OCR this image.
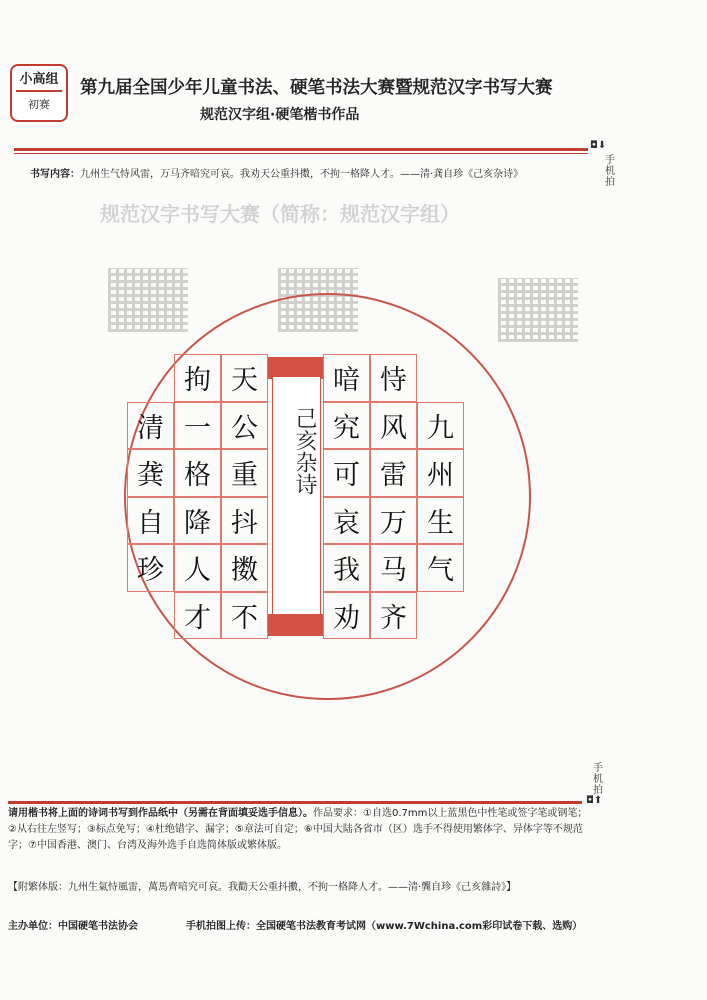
规范汉字书写大赛（简称：规范汉字组）
小高组
初赛
第九届全国少年儿童书法、硬笔书法大赛暨规范汉字书写大赛
规范汉字组·硬笔楷书作品
◘⬇
手机拍
书写内容：九州生气恃风雷，万马齐喑究可哀。我劝天公重抖擞，不拘一格降人才。——清·龚自珍《己亥杂诗》
九
州
生
气
恃
风
雷
万
马
齐
喑
究
可
哀
我
劝
天
公
重
抖
擞
不
拘
一
格
降
人
才
清
龚
自
珍
己亥杂诗
手机拍
◘⬆
请用楷书将上面的诗词书写到作品纸中（另需在背面填妥选手信息）。作品要求：①自选0.7mm以上蓝黑色中性笔或签字笔或钢笔；②从右往左竖写；③标点免写；④杜绝错字、漏字；⑤章法可自定；⑥中国大陆各省市（区）选手不得使用繁体字、异体字等不规范字；⑦中国香港、澳门、台湾及海外选手自选简体版或繁体版。
【附繁体版：九州生氣恃風雷，萬馬齊喑究可哀。我勸天公重抖擻，不拘一格降人才。——清·龔自珍《己亥雜詩》】
主办单位：中国硬笔书法协会	手机拍图上传：全国硬笔书法教育考试网（www.7Wchina.com彩印试卷下载、选购）
